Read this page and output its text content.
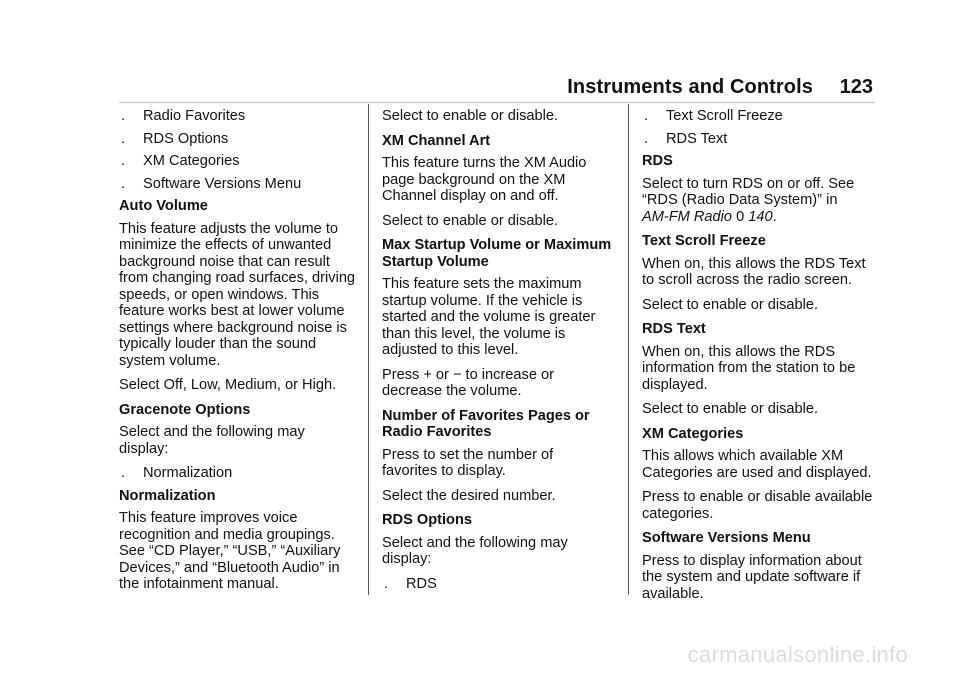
Instruments and Controls 123

. Radio Favorites

. RDS Options

. XM Categories

. Software Versions Menu

Auto Volume

This feature adjusts the volume to minimize the effects of unwanted background noise that can result from changing road surfaces, driving speeds, or open windows. This feature works best at lower volume settings where background noise is typically louder than the sound system volume.

Select Off, Low, Medium, or High.

Gracenote Options

Select and the following may display:

. Normalization

Normalization

This feature improves voice recognition and media groupings. See “CD Player,” “USB,” “Auxiliary Devices,” and “Bluetooth Audio” in the infotainment manual.

Select to enable or disable.

XM Channel Art

This feature turns the XM Audio page background on the XM Channel display on and off.

Select to enable or disable.

Max Startup Volume or Maximum Startup Volume

This feature sets the maximum startup volume. If the vehicle is started and the volume is greater than this level, the volume is adjusted to this level.

Press + or − to increase or decrease the volume.

Number of Favorites Pages or Radio Favorites

Press to set the number of favorites to display.

Select the desired number.

RDS Options

Select and the following may display:

. RDS

. Text Scroll Freeze

. RDS Text

RDS

Select to turn RDS on or off. See “RDS (Radio Data System)” in
AM-FM Radio 0 140.

Text Scroll Freeze

When on, this allows the RDS Text to scroll across the radio screen.

Select to enable or disable.

RDS Text

When on, this allows the RDS information from the station to be displayed.

Select to enable or disable.

XM Categories

This allows which available XM Categories are used and displayed.

Press to enable or disable available categories.

Software Versions Menu

Press to display information about the system and update software if available.

carmanualsonline.info
